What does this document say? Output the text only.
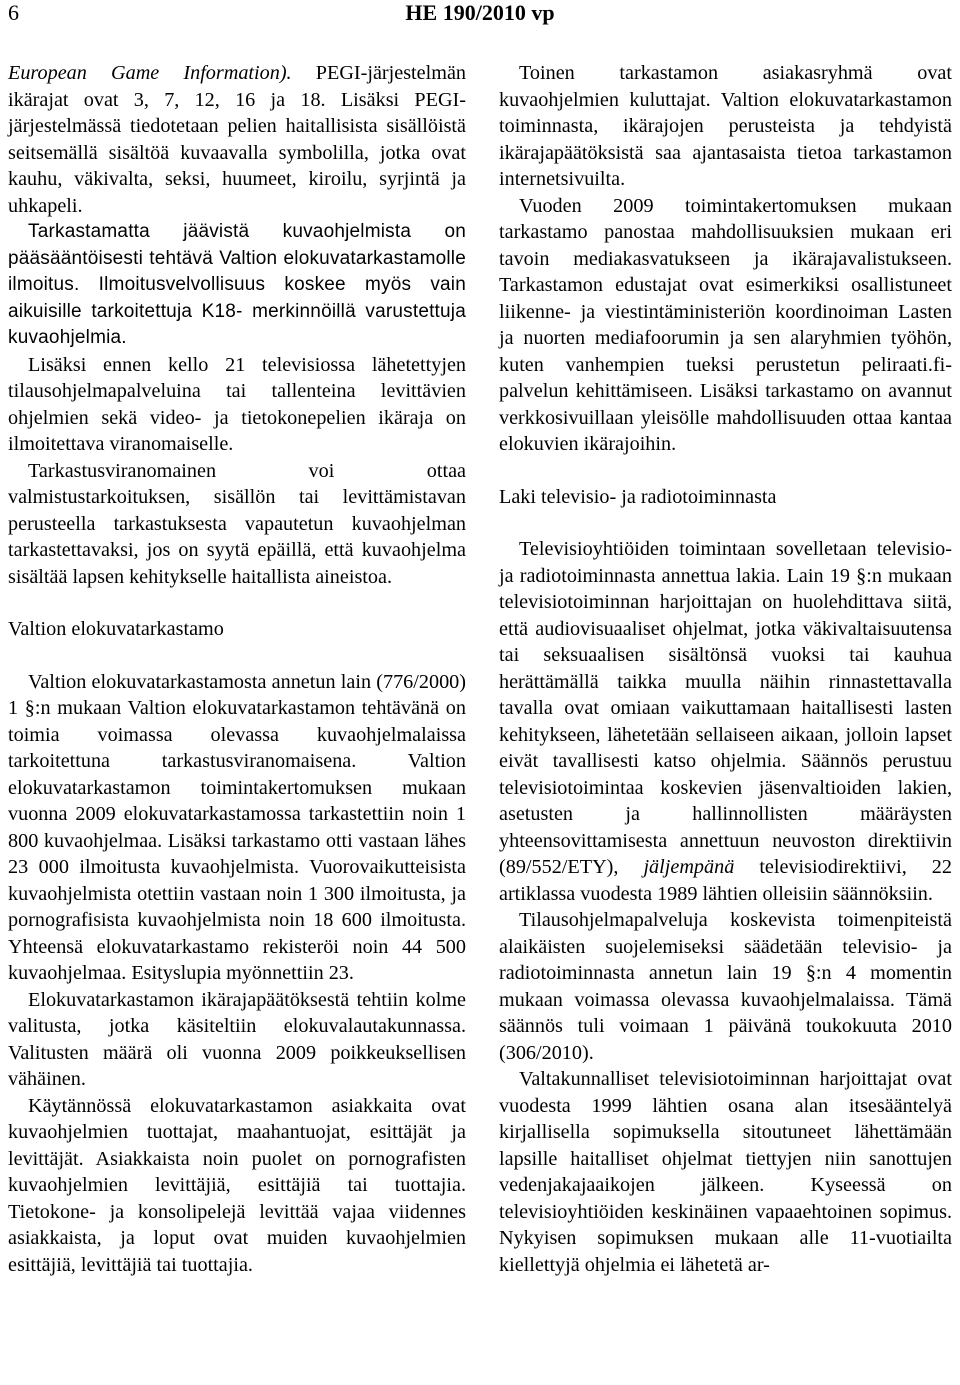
6	HE 190/2010 vp

European Game Information). PEGI-järjestelmän ikärajat ovat 3, 7, 12, 16 ja 18. Lisäksi PEGI-järjestelmässä tiedotetaan pelien haitallisista sisällöistä seitsemällä sisältöä kuvaavalla symbolilla, jotka ovat kauhu, väkivalta, seksi, huumeet, kiroilu, syrjintä ja uhkapeli.

Tarkastamatta jäävistä kuvaohjelmista on pääsääntöisesti tehtävä Valtion elokuvatarkastamolle ilmoitus. Ilmoitusvelvollisuus koskee myös vain aikuisille tarkoitettuja K18- merkinnöillä varustettuja kuvaohjelmia.

Lisäksi ennen kello 21 televisiossa lähetettyjen tilausohjelmapalveluina tai tallenteina levittävien ohjelmien sekä video- ja tietokonepelien ikäraja on ilmoitettava viranomaiselle.

Tarkastusviranomainen voi ottaa valmistustarkoituksen, sisällön tai levittämistavan perusteella tarkastuksesta vapautetun kuvaohjelman tarkastettavaksi, jos on syytä epäillä, että kuvaohjelma sisältää lapsen kehitykselle haitallista aineistoa.

Valtion elokuvatarkastamo

Valtion elokuvatarkastamosta annetun lain (776/2000) 1 §:n mukaan Valtion elokuvatarkastamon tehtävänä on toimia voimassa olevassa kuvaohjelmalaissa tarkoitettuna tarkastusviranomaisena. Valtion elokuvatarkastamon toimintakertomuksen mukaan vuonna 2009 elokuvatarkastamossa tarkastettiin noin 1 800 kuvaohjelmaa. Lisäksi tarkastamo otti vastaan lähes 23 000 ilmoitusta kuvaohjelmista. Vuorovaikutteisista kuvaohjelmista otettiin vastaan noin 1 300 ilmoitusta, ja pornografisista kuvaohjelmista noin 18 600 ilmoitusta. Yhteensä elokuvatarkastamo rekisteröi noin 44 500 kuvaohjelmaa. Esityslupia myönnettiin 23.

Elokuvatarkastamon ikärajapäätöksestä tehtiin kolme valitusta, jotka käsiteltiin elokuvalautakunnassa. Valitusten määrä oli vuonna 2009 poikkeuksellisen vähäinen.

Käytännössä elokuvatarkastamon asiakkaita ovat kuvaohjelmien tuottajat, maahantuojat, esittäjät ja levittäjät. Asiakkaista noin puolet on pornografisten kuvaohjelmien levittäjiä, esittäjiä tai tuottajia. Tietokone- ja konsolipelejä levittää vajaa viidennes asiakkaista, ja loput ovat muiden kuvaohjelmien esittäjiä, levittäjiä tai tuottajia.

Toinen tarkastamon asiakasryhmä ovat kuvaohjelmien kuluttajat. Valtion elokuvatarkastamon toiminnasta, ikärajojen perusteista ja tehdyistä ikärajapäätöksistä saa ajantasaista tietoa tarkastamon internetsivuilta.

Vuoden 2009 toimintakertomuksen mukaan tarkastamo panostaa mahdollisuuksien mukaan eri tavoin mediakasvatukseen ja ikärajavalistukseen. Tarkastamon edustajat ovat esimerkiksi osallistuneet liikenne- ja viestintäministeriön koordinoiman Lasten ja nuorten mediafoorumin ja sen alaryhmien työhön, kuten vanhempien tueksi perustetun peliraati.fi-palvelun kehittämiseen. Lisäksi tarkastamo on avannut verkkosivuillaan yleisölle mahdollisuuden ottaa kantaa elokuvien ikärajoihin.

Laki televisio- ja radiotoiminnasta

Televisioyhtiöiden toimintaan sovelletaan televisio- ja radiotoiminnasta annettua lakia. Lain 19 §:n mukaan televisiotoiminnan harjoittajan on huolehdittava siitä, että audiovisuaaliset ohjelmat, jotka väkivaltaisuutensa tai seksuaalisen sisältönsä vuoksi tai kauhua herättämällä taikka muulla näihin rinnastettavalla tavalla ovat omiaan vaikuttamaan haitallisesti lasten kehitykseen, lähetetään sellaiseen aikaan, jolloin lapset eivät tavallisesti katso ohjelmia. Säännös perustuu televisiotoimintaa koskevien jäsenvaltioiden lakien, asetusten ja hallinnollisten määräysten yhteensovittamisesta annettuun neuvoston direktiivin (89/552/ETY), jäljempänä televisiodirektiivi, 22 artiklassa vuodesta 1989 lähtien olleisiin säännöksiin.

Tilausohjelmapalveluja koskevista toimenpiteistä alaikäisten suojelemiseksi säädetään televisio- ja radiotoiminnasta annetun lain 19 §:n 4 momentin mukaan voimassa olevassa kuvaohjelmalaissa. Tämä säännös tuli voimaan 1 päivänä toukokuuta 2010 (306/2010).

Valtakunnalliset televisiotoiminnan harjoittajat ovat vuodesta 1999 lähtien osana alan itsesääntelyä kirjallisella sopimuksella sitoutuneet lähettämään lapsille haitalliset ohjelmat tiettyjen niin sanottujen vedenjakajaaikojen jälkeen. Kyseessä on televisioyhtiöiden keskinäinen vapaaehtoinen sopimus. Nykyisen sopimuksen mukaan alle 11-vuotiailta kiellettyjä ohjelmia ei lähetetä ar-
